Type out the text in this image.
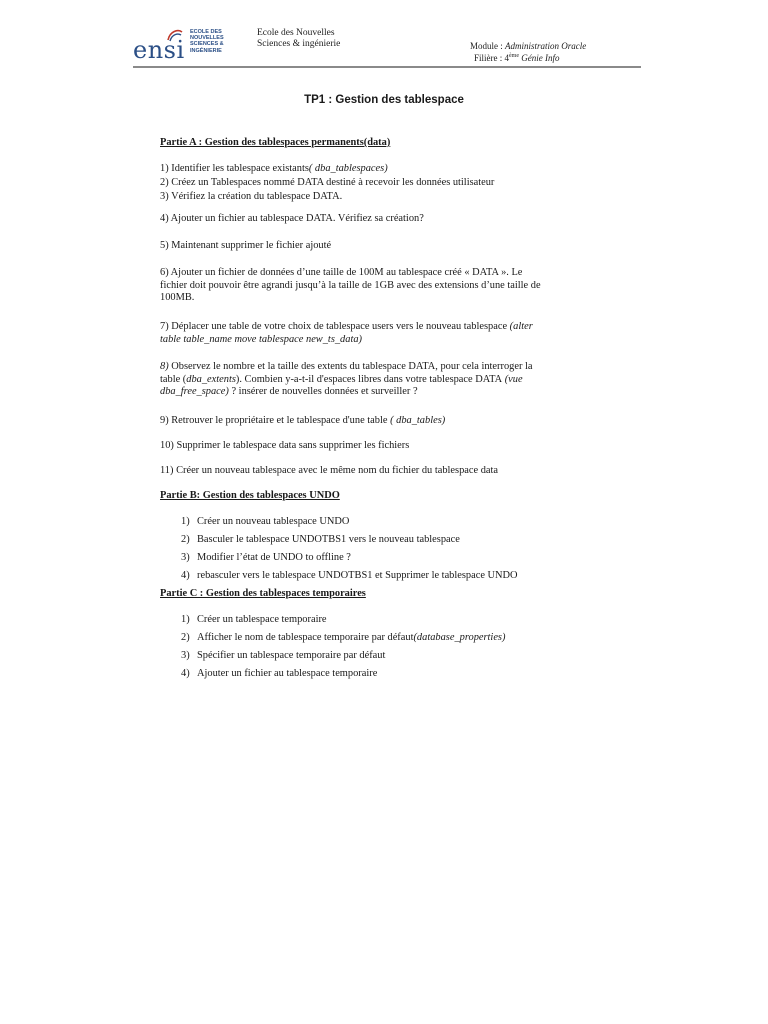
ensi
ECOLE DES
NOUVELLES
SCIENCES &
INGÉNIERIE
Ecole des Nouvelles
Sciences & ingénierie	Module : Administration Oracle
Filière : 4ème Génie Info
TP1 : Gestion des tablespace
Partie A : Gestion des tablespaces permanents(data)
1) Identifier les tablespace existants( dba_tablespaces)
2) Créez un Tablespaces nommé DATA destiné à recevoir les données utilisateur
3) Vérifiez la création du tablespace DATA.
4) Ajouter un fichier au tablespace DATA. Vérifiez sa création?
5) Maintenant supprimer le fichier ajouté
6) Ajouter un fichier de données d’une taille de 100M au tablespace créé « DATA ». Le
fichier doit pouvoir être agrandi jusqu’à la taille de 1GB avec des extensions d’une taille de
100MB.
7) Déplacer une table de votre choix de tablespace users vers le nouveau tablespace (alter
table table_name move tablespace new_ts_data)
8) Observez le nombre et la taille des extents du tablespace DATA, pour cela interroger la
table (dba_extents). Combien y-a-t-il d'espaces libres dans votre tablespace DATA (vue
dba_free_space) ? insérer de nouvelles données et surveiller ?
9) Retrouver le propriétaire et le tablespace d'une table ( dba_tables)
10) Supprimer le tablespace data sans supprimer les fichiers
11) Créer un nouveau tablespace avec le même nom du fichier du tablespace data
Partie B: Gestion des tablespaces UNDO
1) Créer un nouveau tablespace UNDO
2) Basculer le tablespace UNDOTBS1 vers le nouveau tablespace
3) Modifier l’état de UNDO to offline ?
4) rebasculer vers le tablespace UNDOTBS1 et Supprimer le tablespace UNDO
Partie C : Gestion des tablespaces temporaires
1) Créer un tablespace temporaire
2) Afficher le nom de tablespace temporaire par défaut(database_properties)
3) Spécifier un tablespace temporaire par défaut
4) Ajouter un fichier au tablespace temporaire
